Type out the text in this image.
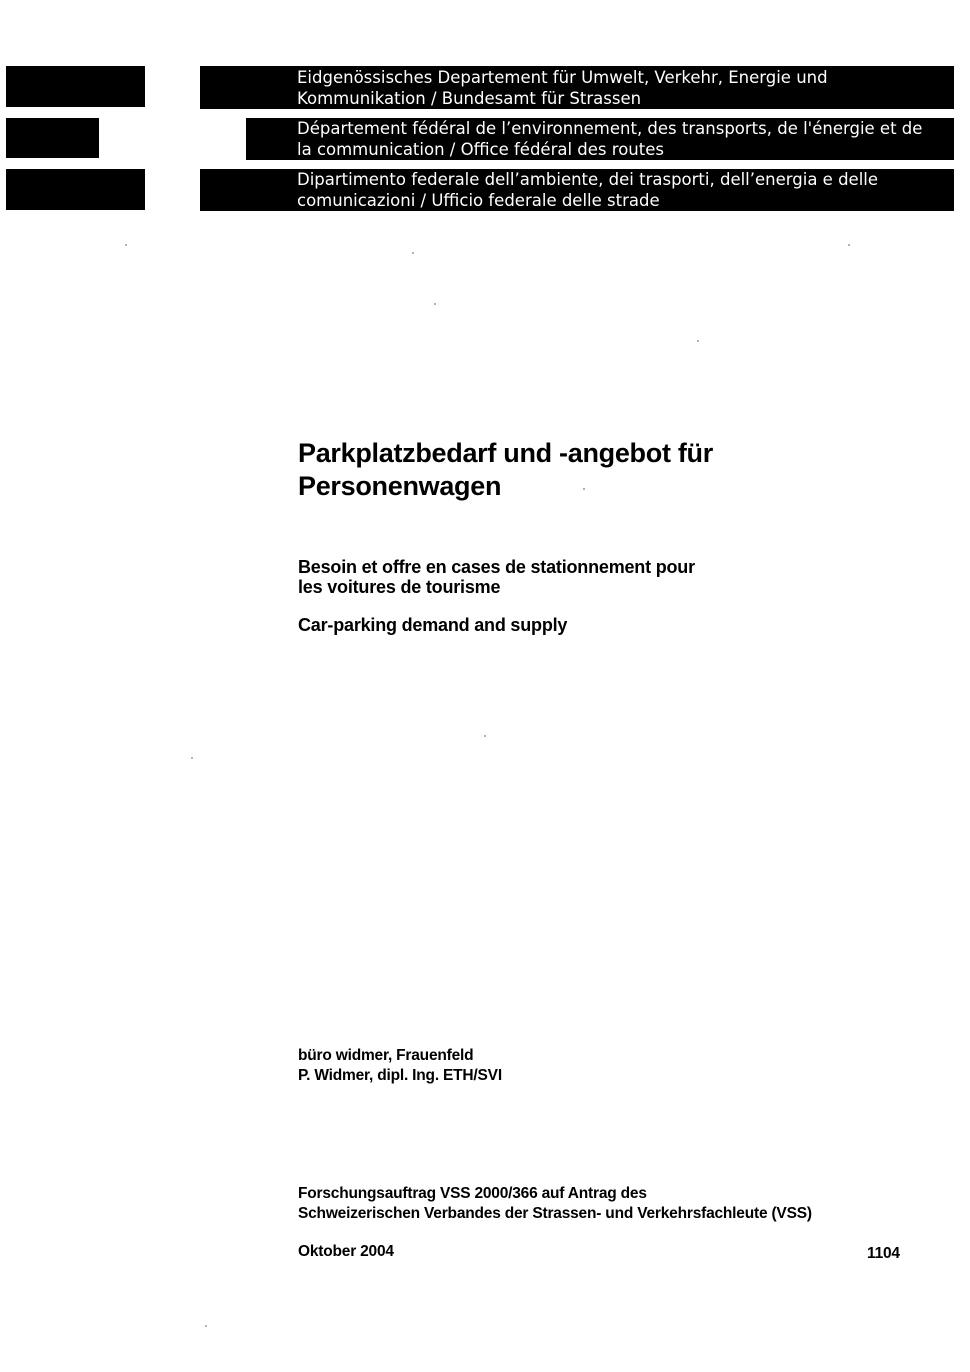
Eidgenössisches Departement für Umwelt, Verkehr, Energie und
Kommunikation / Bundesamt für Strassen
Département fédéral de l’environnement, des transports, de l'énergie et de
la communication / Office fédéral des routes
Dipartimento federale dell’ambiente, dei trasporti, dell’energia e delle
comunicazioni / Ufficio federale delle strade
Parkplatzbedarf und -angebot für
Personenwagen
Besoin et offre en cases de stationnement pour
les voitures de tourisme
Car-parking demand and supply
büro widmer, Frauenfeld
P. Widmer, dipl. Ing. ETH/SVI
Forschungsauftrag VSS 2000/366 auf Antrag des
Schweizerischen Verbandes der Strassen- und Verkehrsfachleute (VSS)
Oktober 2004	1104
